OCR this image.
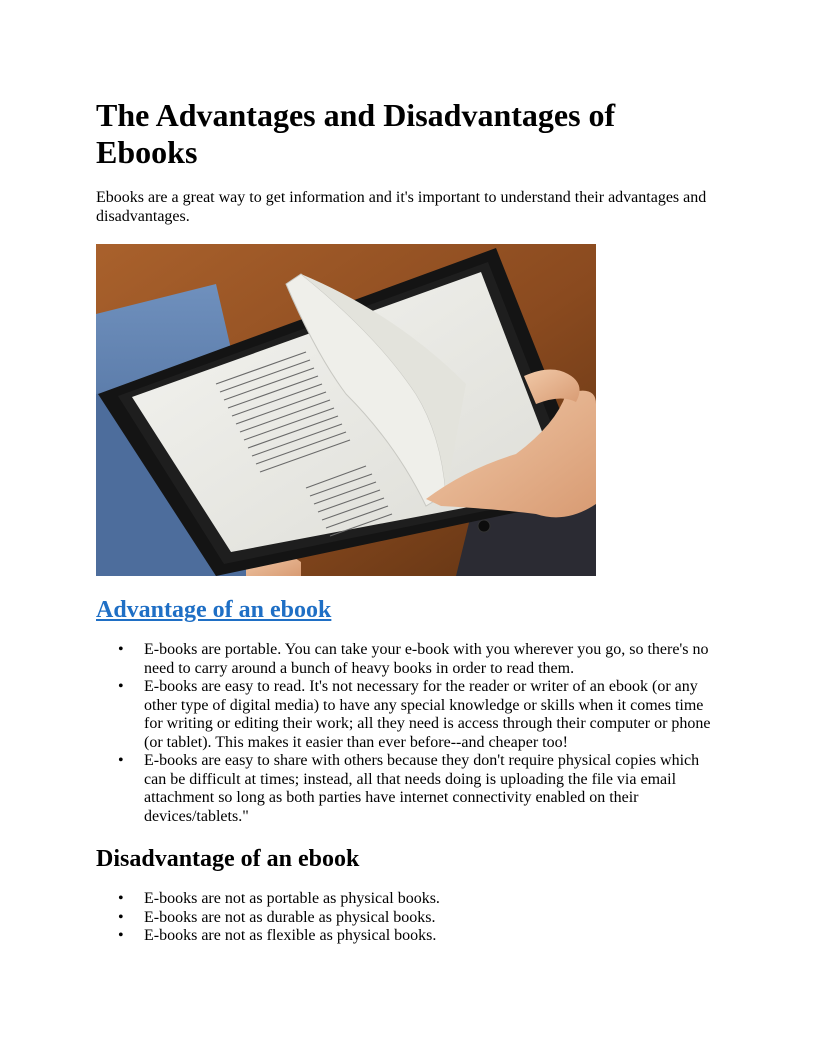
The Advantages and Disadvantages of Ebooks

Ebooks are a great way to get information and it's important to understand their advantages and disadvantages.

Advantage of an ebook
• E-books are portable. You can take your e-book with you wherever you go, so there's no need to carry around a bunch of heavy books in order to read them.
• E-books are easy to read. It's not necessary for the reader or writer of an ebook (or any other type of digital media) to have any special knowledge or skills when it comes time for writing or editing their work; all they need is access through their computer or phone (or tablet). This makes it easier than ever before--and cheaper too!
• E-books are easy to share with others because they don't require physical copies which can be difficult at times; instead, all that needs doing is uploading the file via email attachment so long as both parties have internet connectivity enabled on their devices/tablets."
Disadvantage of an ebook
• E-books are not as portable as physical books.
• E-books are not as durable as physical books.
• E-books are not as flexible as physical books.
